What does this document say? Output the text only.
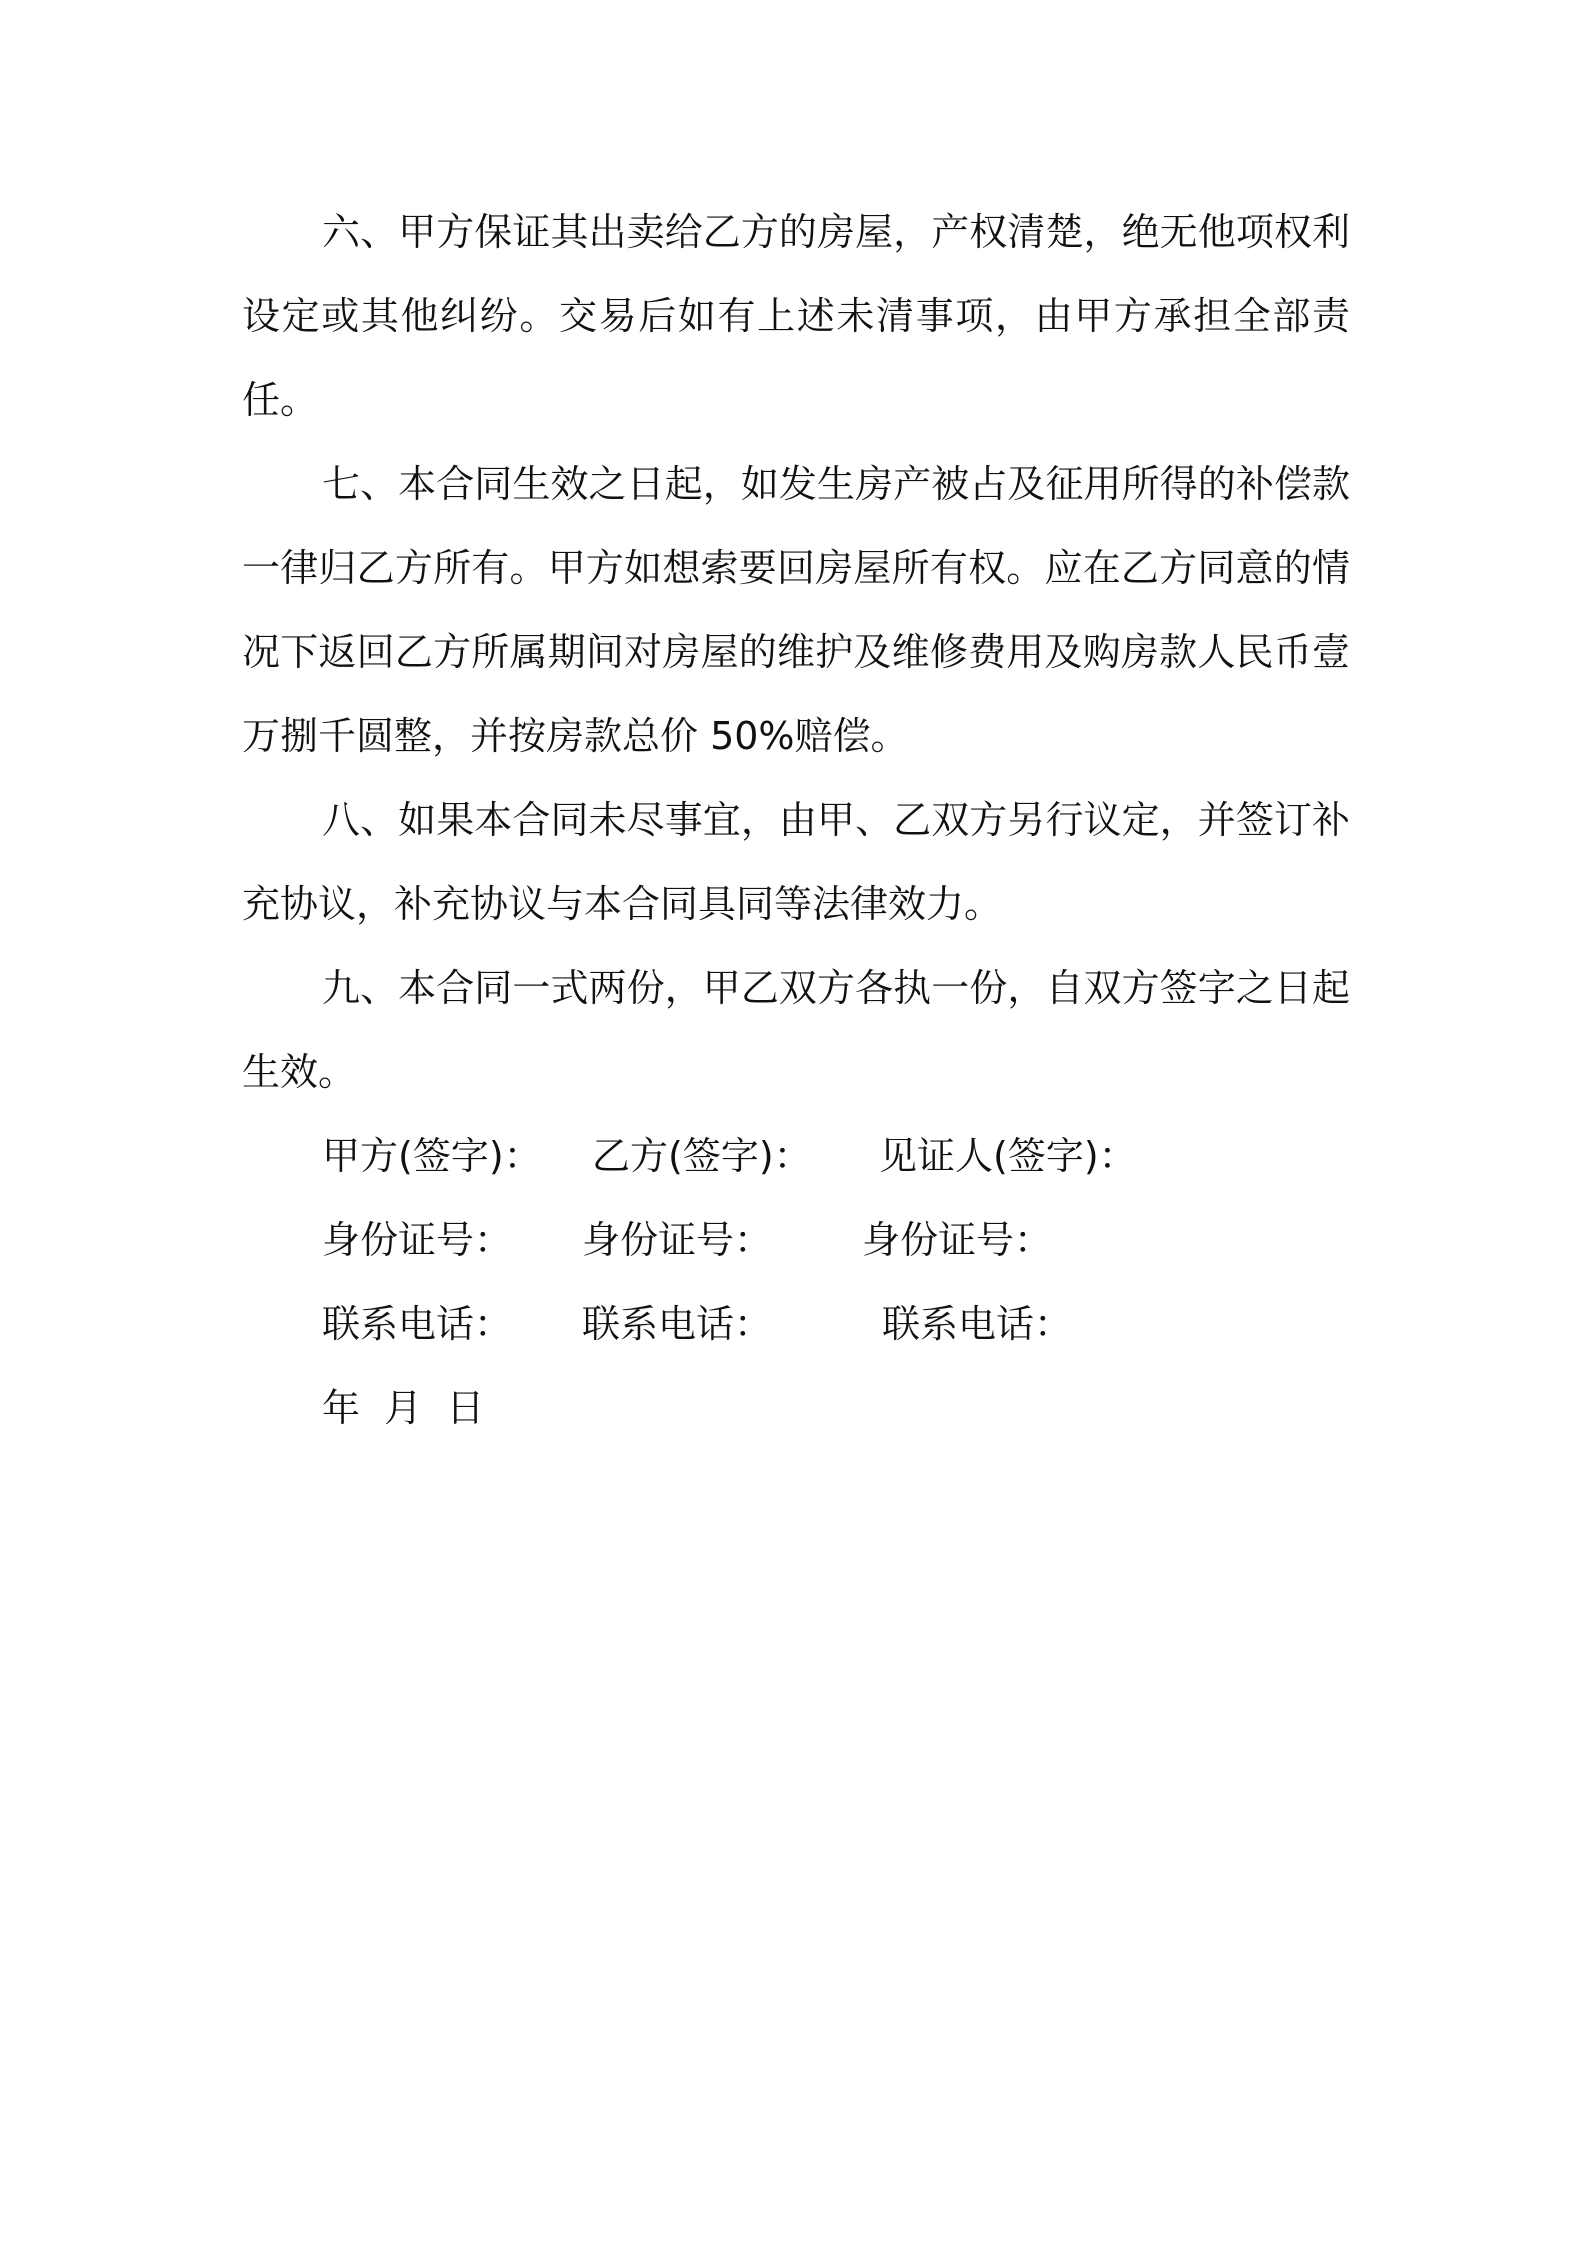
六、甲方保证其出卖给乙方的房屋，产权清楚，绝无他项权利设定或其他纠纷。交易后如有上述未清事项，由甲方承担全部责任。

七、本合同生效之日起，如发生房产被占及征用所得的补偿款一律归乙方所有。甲方如想索要回房屋所有权。应在乙方同意的情况下返回乙方所属期间对房屋的维护及维修费用及购房款人民币壹万捌千圆整，并按房款总价 50%赔偿。

八、如果本合同未尽事宜，由甲、乙双方另行议定，并签订补充协议，补充协议与本合同具同等法律效力。

九、本合同一式两份，甲乙双方各执一份，自双方签字之日起生效。

甲方(签字)： 乙方(签字)： 见证人(签字)：
身份证号： 身份证号： 身份证号：
联系电话： 联系电话：	联系电话：
年  月  日
